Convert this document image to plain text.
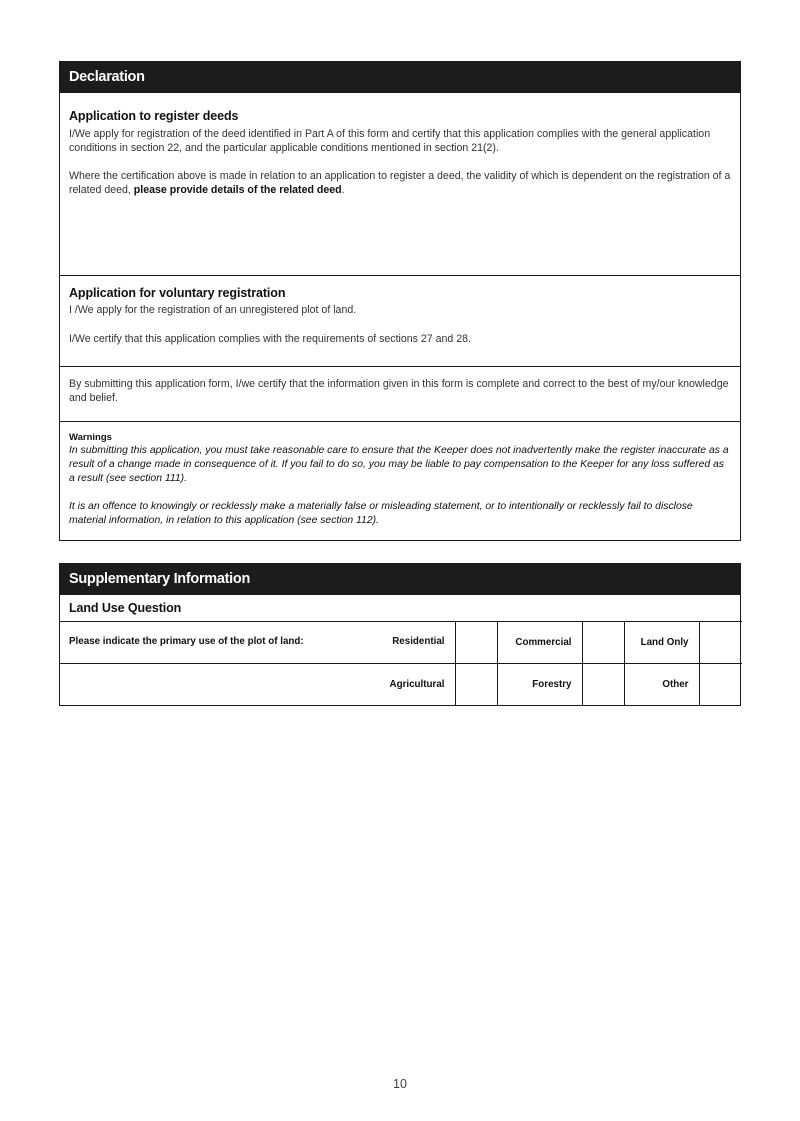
Declaration
Application to register deeds

I/We apply for registration of the deed identified in Part A of this form and certify that this application complies with the general application conditions in section 22, and the particular applicable conditions mentioned in section 21(2).

Where the certification above is made in relation to an application to register a deed, the validity of which is dependent on the registration of a related deed, please provide details of the related deed.

Application for voluntary registration

I /We apply for the registration of an unregistered plot of land.

I/We certify that this application complies with the requirements of sections 27 and 28.

By submitting this application form, I/we certify that the information given in this form is complete and correct to the best of my/our knowledge and belief.

Warnings

In submitting this application, you must take reasonable care to ensure that the Keeper does not inadvertently make the register inaccurate as a result of a change made in consequence of it. If you fail to do so, you may be liable to pay compensation to the Keeper for any loss suffered as a result (see section 111).

It is an offence to knowingly or recklessly make a materially false or misleading statement, or to intentionally or recklessly fail to disclose material information, in relation to this application (see section 112).

Supplementary Information
Land Use Question
Please indicate the primary use of the plot of land: Residential		Commercial		Land Only	
Agricultural		Forestry		Other	
10
